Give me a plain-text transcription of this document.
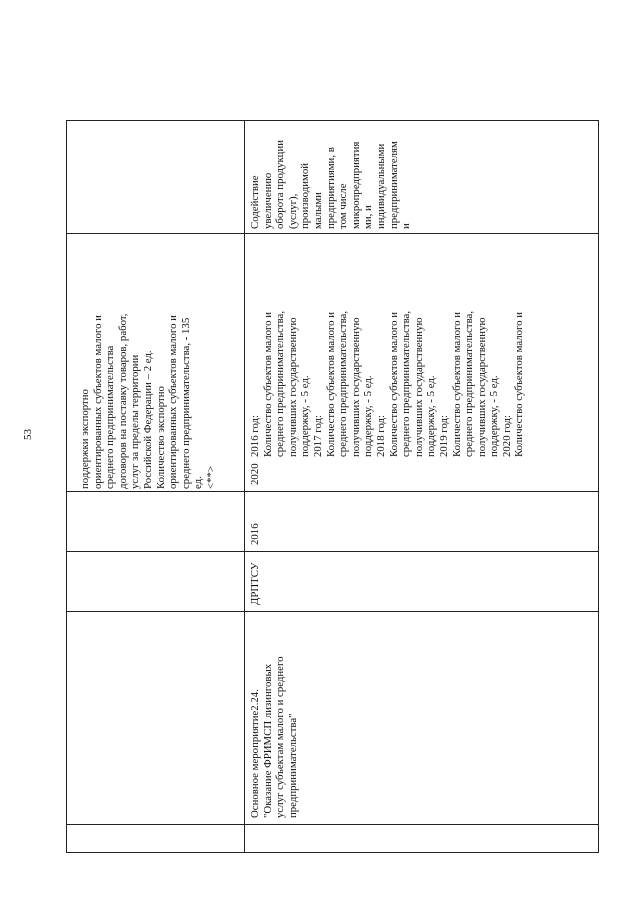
53	поддержки экспортно ориентированных субъектов малого и среднего предпринимательства договоров на поставку товаров, работ, услуг за пределы территории Российской Федерации – 2 ед. Количество экспортно ориентированных субъектов малого и среднего предпринимательства, - 135 ед. <**>
Основное мероприятие2.24. "Оказание ФРИМСП лизинговых услуг субъектам малого и среднего предпринимательства"
ДРПТСУ
2016
2020
2016 год: Количество субъектов малого и среднего предпринимательства, получивших государственную поддержку, - 5 ед. 2017 год: Количество субъектов малого и среднего предпринимательства, получивших государственную поддержку, - 5 ед. 2018 год: Количество субъектов малого и среднего предпринимательства, получивших государственную поддержку, - 5 ед. 2019 год: Количество субъектов малого и среднего предпринимательства, получивших государственную поддержку, - 5 ед. 2020 год: Количество субъектов малого и
Содействие увеличению оборота продукции (услуг), производимой малыми предприятиями, в том числе микропредприятия ми, и индивидуальными предпринимателям и
